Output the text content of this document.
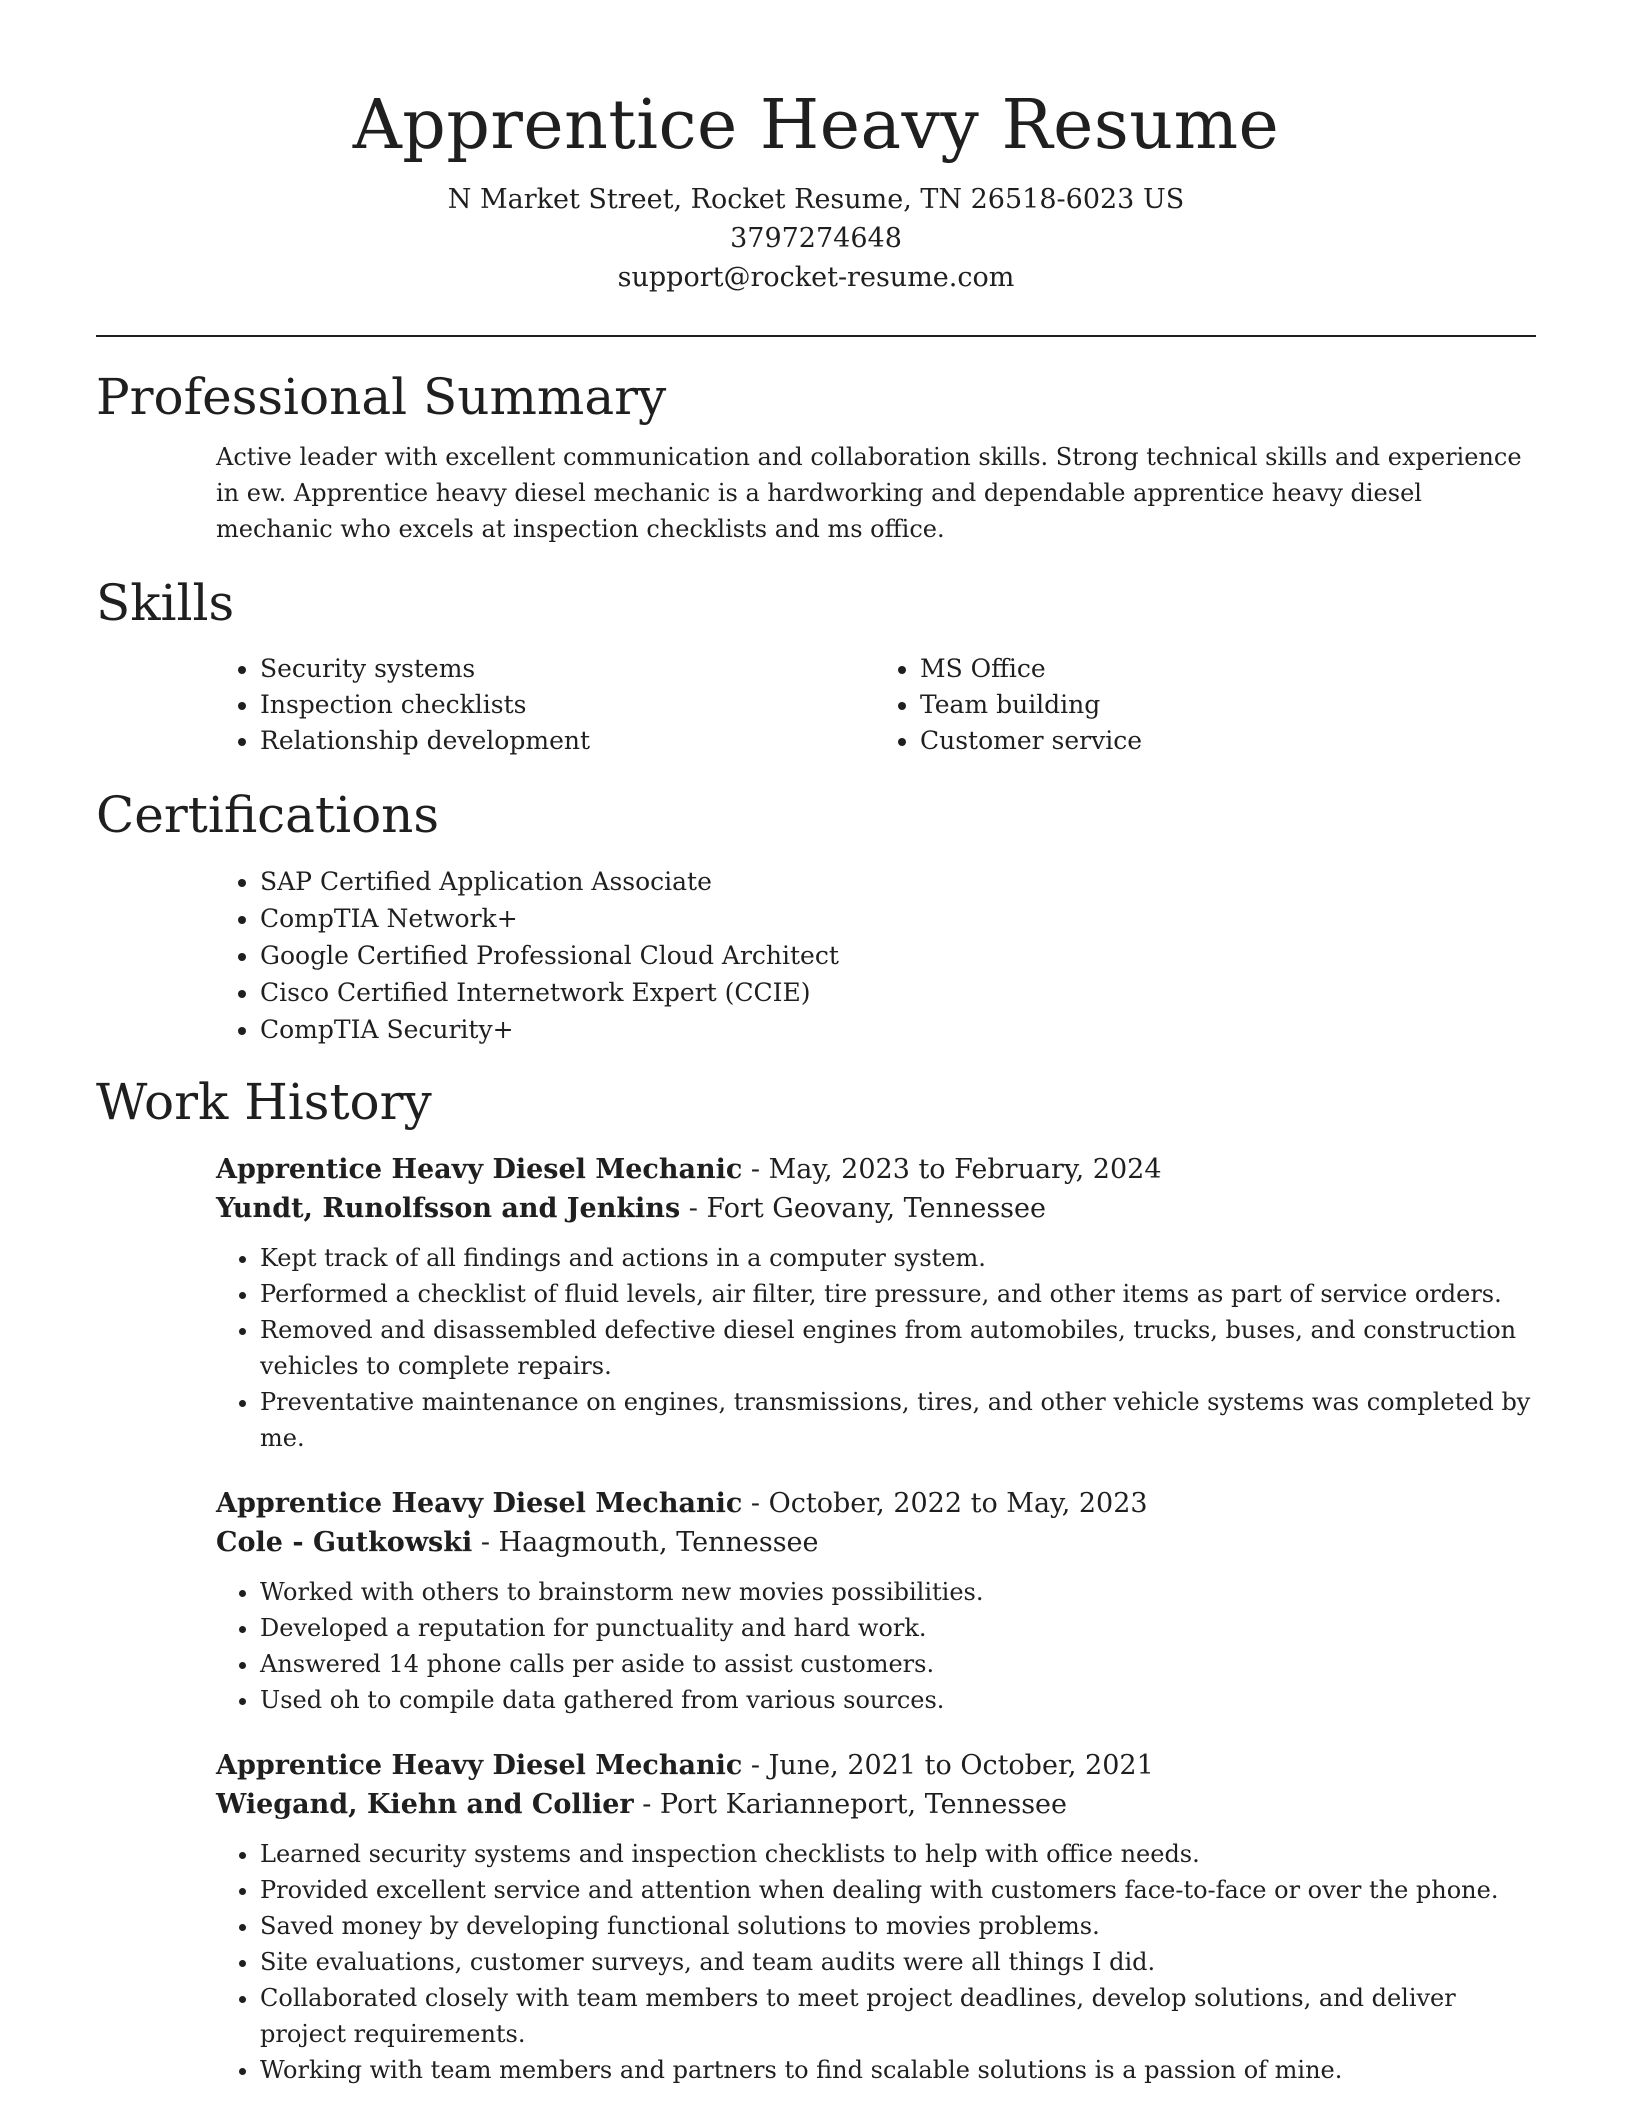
Apprentice Heavy Resume
N Market Street, Rocket Resume, TN 26518-6023 US
3797274648
support@rocket-resume.com
Professional Summary

Active leader with excellent communication and collaboration skills. Strong technical skills and experience in ew. Apprentice heavy diesel mechanic is a hardworking and dependable apprentice heavy diesel mechanic who excels at inspection checklists and ms office.

Skills
• Security systems
• Inspection checklists
• Relationship development
• MS Office
• Team building
• Customer service
Certifications
• SAP Certified Application Associate
• CompTIA Network+
• Google Certified Professional Cloud Architect
• Cisco Certified Internetwork Expert (CCIE)
• CompTIA Security+
Work History
Apprentice Heavy Diesel Mechanic - May, 2023 to February, 2024
Yundt, Runolfsson and Jenkins - Fort Geovany, Tennessee
• Kept track of all findings and actions in a computer system.
• Performed a checklist of fluid levels, air filter, tire pressure, and other items as part of service orders.
• Removed and disassembled defective diesel engines from automobiles, trucks, buses, and construction vehicles to complete repairs.
• Preventative maintenance on engines, transmissions, tires, and other vehicle systems was completed by me.
Apprentice Heavy Diesel Mechanic - October, 2022 to May, 2023
Cole - Gutkowski - Haagmouth, Tennessee
• Worked with others to brainstorm new movies possibilities.
• Developed a reputation for punctuality and hard work.
• Answered 14 phone calls per aside to assist customers.
• Used oh to compile data gathered from various sources.
Apprentice Heavy Diesel Mechanic - June, 2021 to October, 2021
Wiegand, Kiehn and Collier - Port Karianneport, Tennessee
• Learned security systems and inspection checklists to help with office needs.
• Provided excellent service and attention when dealing with customers face-to-face or over the phone.
• Saved money by developing functional solutions to movies problems.
• Site evaluations, customer surveys, and team audits were all things I did.
• Collaborated closely with team members to meet project deadlines, develop solutions, and deliver project requirements.
• Working with team members and partners to find scalable solutions is a passion of mine.
